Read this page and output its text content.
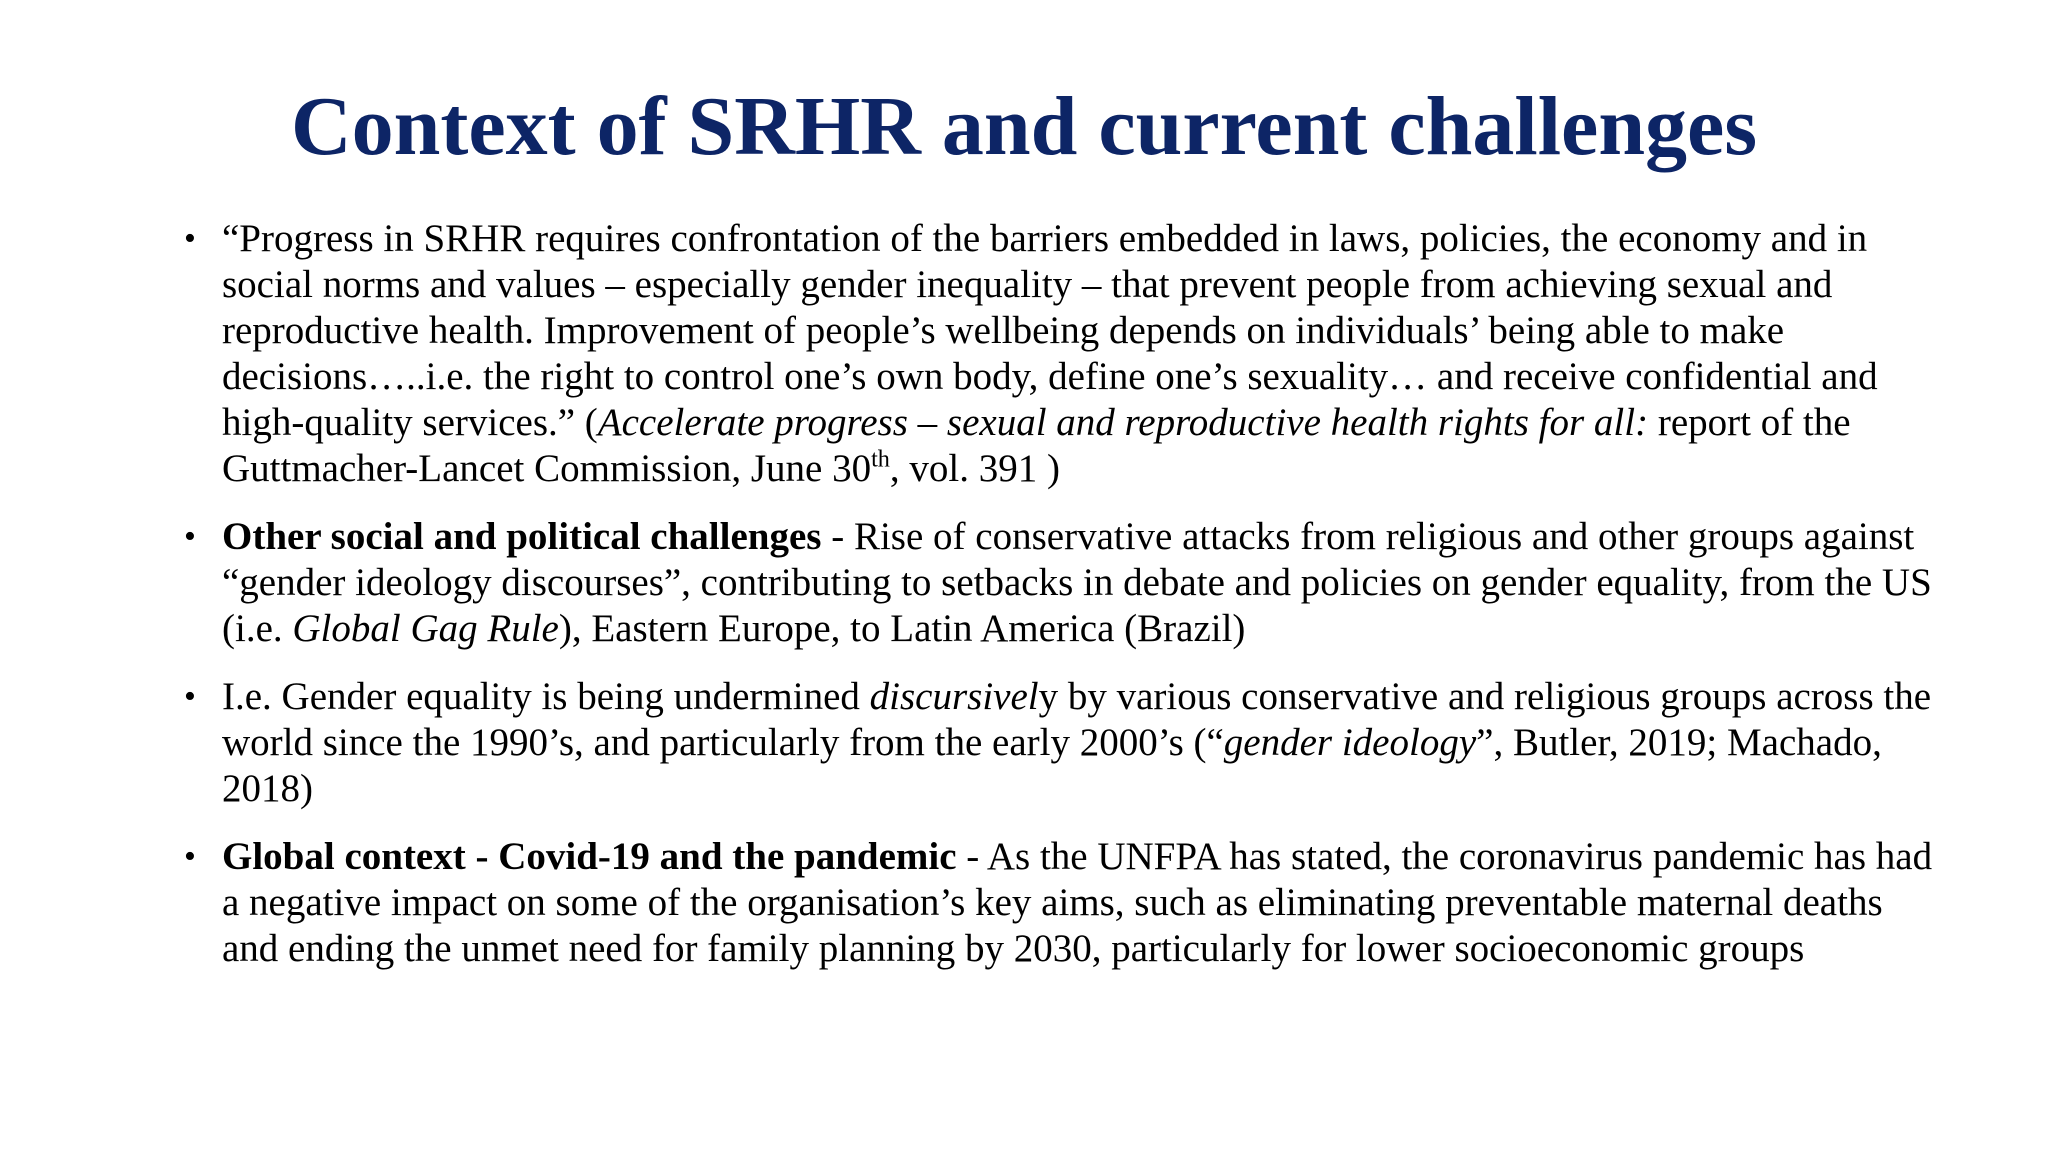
Context of SRHR and current challenges
• “Progress in SRHR requires confrontation of the barriers embedded in laws, policies, the economy and in social norms and values – especially gender inequality – that prevent people from achieving sexual and reproductive health. Improvement of people’s wellbeing depends on individuals’ being able to make decisions…..i.e. the right to control one’s own body, define one’s sexuality… and receive confidential and high-quality services.” (Accelerate progress – sexual and reproductive health rights for all: report of the Guttmacher-Lancet Commission, June 30th, vol. 391 )
• Other social and political challenges - Rise of conservative attacks from religious and other groups against “gender ideology discourses”, contributing to setbacks in debate and policies on gender equality, from the US (i.e. Global Gag Rule), Eastern Europe, to Latin America (Brazil)
• I.e. Gender equality is being undermined discursively by various conservative and religious groups across the world since the 1990’s, and particularly from the early 2000’s (“gender ideology”, Butler, 2019; Machado, 2018)
• Global context - Covid-19 and the pandemic - As the UNFPA has stated, the coronavirus pandemic has had a negative impact on some of the organisation’s key aims, such as eliminating preventable maternal deaths and ending the unmet need for family planning by 2030, particularly for lower socioeconomic groups
